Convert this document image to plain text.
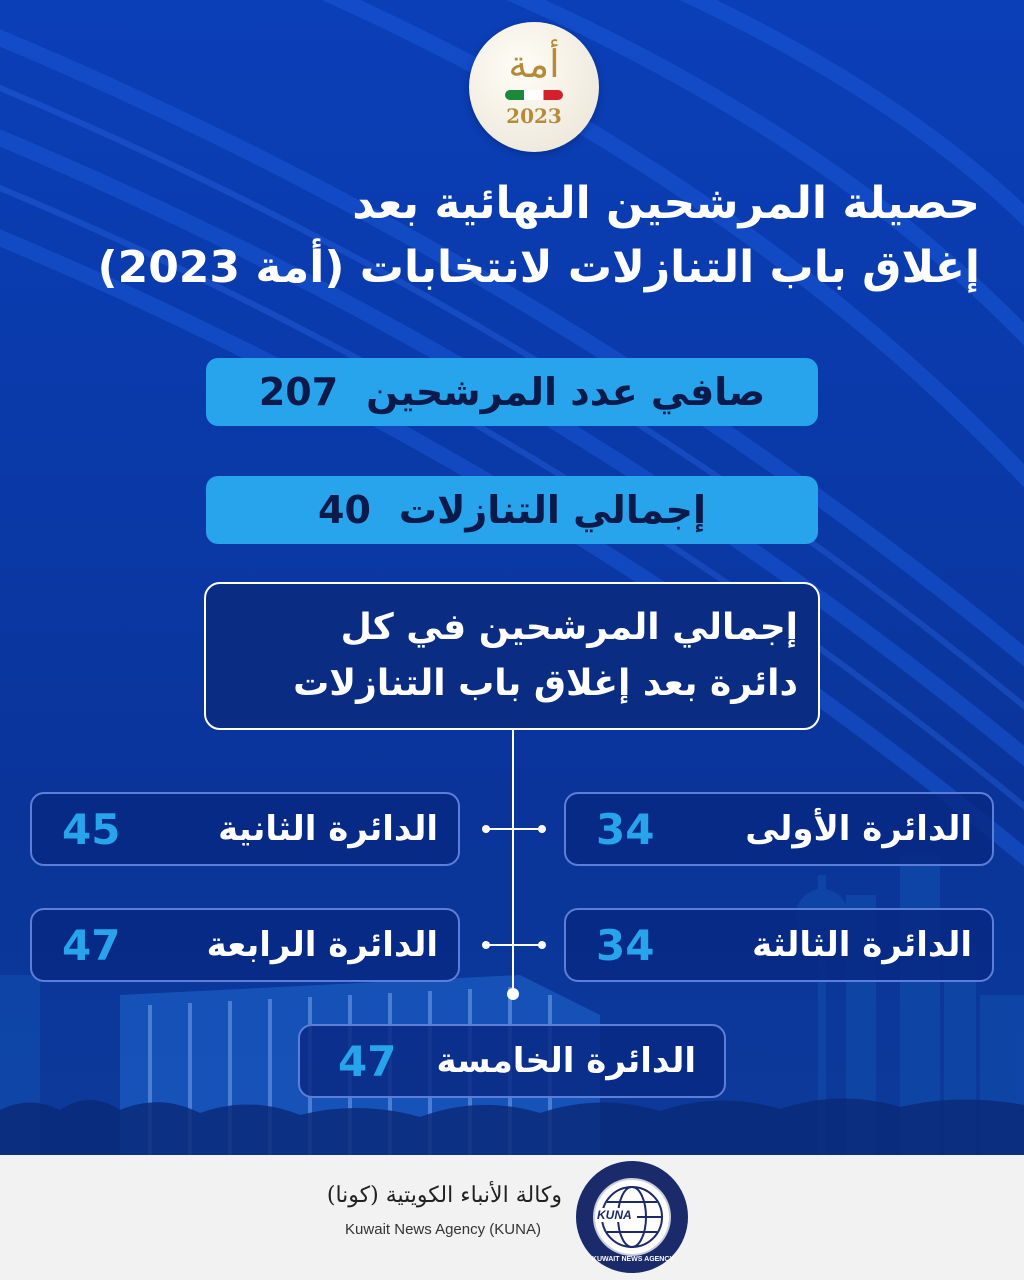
أمة
2023
حصيلة المرشحين النهائية بعد
إغلاق باب التنازلات لانتخابات (أمة 2023)
صافي عدد المرشحين
207
إجمالي التنازلات
40
إجمالي المرشحين في كل
دائرة بعد إغلاق باب التنازلات
الدائرة الأولى
34
الدائرة الثانية
45
الدائرة الثالثة
34
الدائرة الرابعة
47
الدائرة الخامسة
47
وكالة الأنباء الكويتية (كونا)
Kuwait News Agency (KUNA)
KUNA
KUWAIT NEWS AGENCY
